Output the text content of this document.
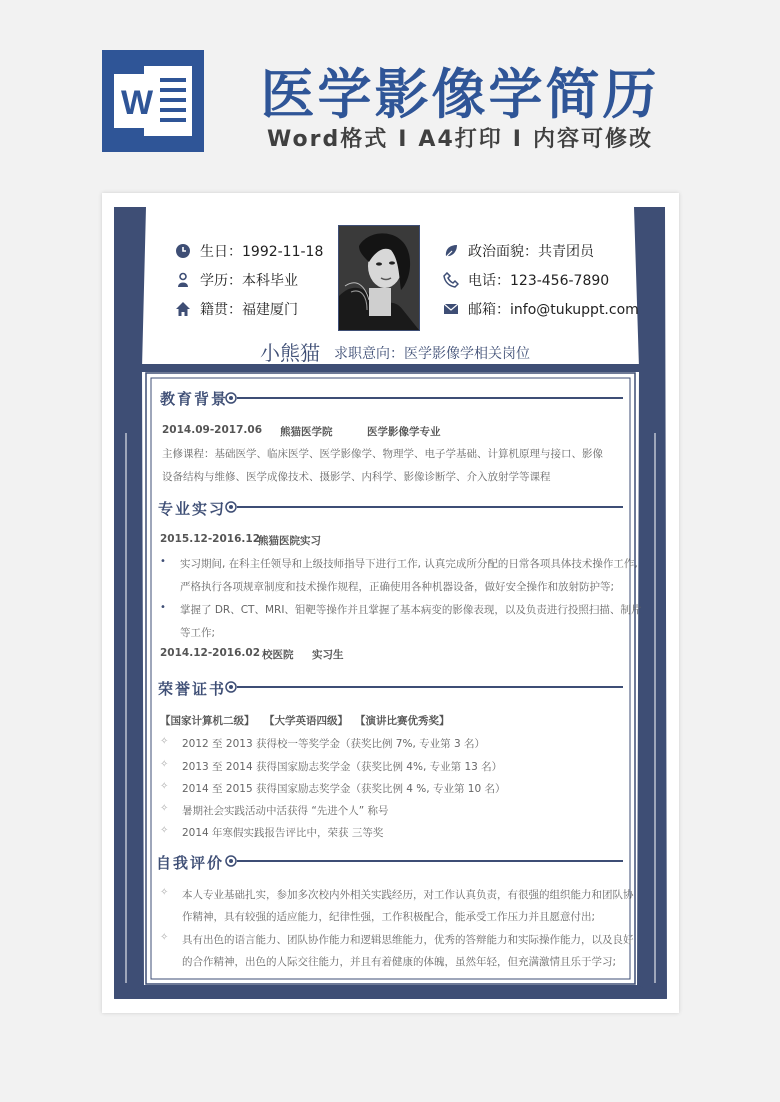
W 医学影像学简历
Word格式 I A4打印 I 内容可修改
生日：1992-11-18
学历：本科毕业
籍贯：福建厦门
政治面貌：共青团员
电话：123-456-7890
邮箱：info@tukuppt.com
小熊猫 求职意向：医学影像学相关岗位
教育背景
2014.09-2017.06 熊猫医学院	医学影像学专业
主修课程：基础医学、临床医学、医学影像学、物理学、电子学基础、计算机原理与接口、影像
设备结构与维修、医学成像技术、摄影学、内科学、影像诊断学、介入放射学等课程
专业实习
2015.12-2016.12
熊猫医院实习
• 实习期间, 在科主任领导和上级技师指导下进行工作, 认真完成所分配的日常各项具体技术操作工作,
严格执行各项规章制度和技术操作规程，正确使用各种机器设备，做好安全操作和放射防护等;
• 掌握了 DR、CT、MRI、钼靶等操作并且掌握了基本病变的影像表现，以及负责进行投照扫描、制片
等工作;
2014.12-2016.02 校医院 实习生
荣誉证书
【国家计算机二级】 【大学英语四级】 【演讲比赛优秀奖】
✧ 2012 至 2013 获得校一等奖学金（获奖比例 7%, 专业第 3 名）
✧ 2013 至 2014 获得国家励志奖学金（获奖比例 4%, 专业第 13 名）
✧ 2014 至 2015 获得国家励志奖学金（获奖比例 4 %, 专业第 10 名）
✧ 暑期社会实践活动中活获得 “先进个人” 称号
✧ 2014 年寒假实践报告评比中，荣获 三等奖
自我评价
✧ 本人专业基础扎实，参加多次校内外相关实践经历，对工作认真负责，有很强的组织能力和团队协
作精神，具有较强的适应能力，纪律性强，工作积极配合，能承受工作压力并且愿意付出;
✧ 具有出色的语言能力、团队协作能力和逻辑思维能力，优秀的答辩能力和实际操作能力，以及良好
的合作精神，出色的人际交往能力，并且有着健康的体魄，虽然年轻，但充满激情且乐于学习;
